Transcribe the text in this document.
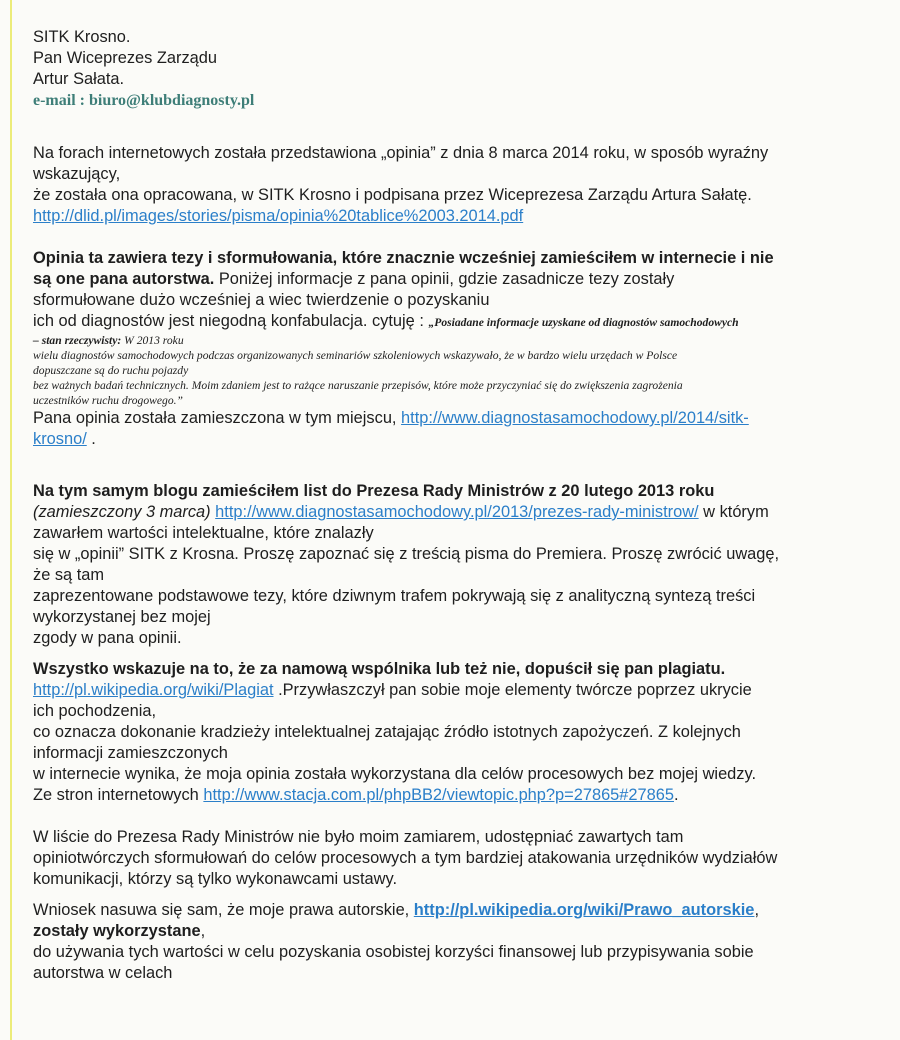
SITK Krosno.
Pan Wiceprezes Zarządu
Artur Sałata.
e-mail : biuro@klubdiagnosty.pl

Na forach internetowych została przedstawiona „opinia” z dnia 8 marca 2014 roku, w sposób wyraźny

wskazujący,

że została ona opracowana, w SITK Krosno i podpisana przez Wiceprezesa Zarządu Artura Sałatę.

http://dlid.pl/images/stories/pisma/opinia%20tablice%2003.2014.pdf

Opinia ta zawiera tezy i sformułowania, które znacznie wcześniej zamieściłem w internecie i nie

są one pana autorstwa. Poniżej informacje z pana opinii, gdzie zasadnicze tezy zostały

sformułowane dużo wcześniej a wiec twierdzenie o pozyskaniu

ich od diagnostów jest niegodną konfabulacja. cytuję : „Posiadane informacje uzyskane od diagnostów samochodowych

– stan rzeczywisty: W 2013 roku

wielu diagnostów samochodowych podczas organizowanych seminariów szkoleniowych wskazywało, że w bardzo wielu urzędach w Polsce

dopuszczane są do ruchu pojazdy

bez ważnych badań technicznych. Moim zdaniem jest to rażące naruszanie przepisów, które może przyczyniać się do zwiększenia zagrożenia

uczestników ruchu drogowego.”

Pana opinia została zamieszczona w tym miejscu, http://www.diagnostasamochodowy.pl/2014/sitk-

krosno/ .

Na tym samym blogu zamieściłem list do Prezesa Rady Ministrów z 20 lutego 2013 roku

(zamieszczony 3 marca) http://www.diagnostasamochodowy.pl/2013/prezes-rady-ministrow/ w którym

zawarłem wartości intelektualne, które znalazły

się w „opinii” SITK z Krosna. Proszę zapoznać się z treścią pisma do Premiera. Proszę zwrócić uwagę,

że są tam

zaprezentowane podstawowe tezy, które dziwnym trafem pokrywają się z analityczną syntezą treści

wykorzystanej bez mojej

zgody w pana opinii.

Wszystko wskazuje na to, że za namową wspólnika lub też nie, dopuścił się pan plagiatu.

http://pl.wikipedia.org/wiki/Plagiat .Przywłaszczył pan sobie moje elementy twórcze poprzez ukrycie

ich pochodzenia,

co oznacza dokonanie kradzieży intelektualnej zatajając źródło istotnych zapożyczeń. Z kolejnych

informacji zamieszczonych

w internecie wynika, że moja opinia została wykorzystana dla celów procesowych bez mojej wiedzy.

Ze stron internetowych http://www.stacja.com.pl/phpBB2/viewtopic.php?p=27865#27865.

W liście do Prezesa Rady Ministrów nie było moim zamiarem, udostępniać zawartych tam

opiniotwórczych sformułowań do celów procesowych a tym bardziej atakowania urzędników wydziałów

komunikacji, którzy są tylko wykonawcami ustawy.

Wniosek nasuwa się sam, że moje prawa autorskie, http://pl.wikipedia.org/wiki/Prawo_autorskie,

zostały wykorzystane,

do używania tych wartości w celu pozyskania osobistej korzyści finansowej lub przypisywania sobie

autorstwa w celach
